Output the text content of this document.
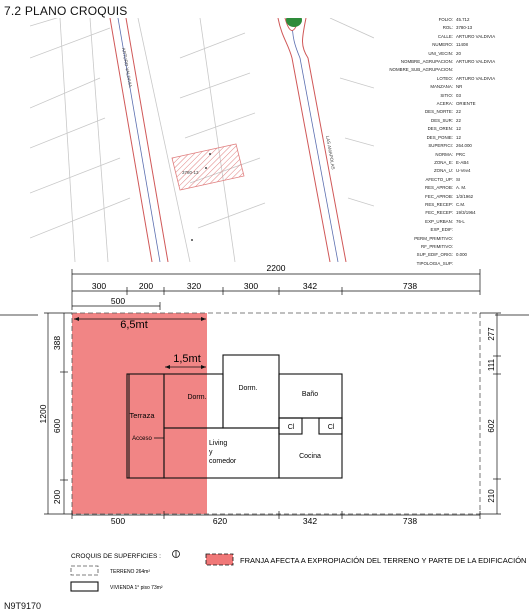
7.2 PLANO CROQUIS
ARTURO VALDIVIA
LAS AMAPOLAS
3780-13
FOLIO: 45.712
ROL: 3780-13
CALLE: ARTURO VALDIVIA
NUMERO: 11408
UNI_VECIN: 20
NOMBRE_AGRUPACION: ARTURO VALDIVIA
NOMBRE_SUB_AGRUPACION:
LOTEO: ARTURO VALDIVIA
MANZANA: NR
SITIO: 03
ACERA: ORIENTE
DES_NORTE: 22
DES_SUR: 22
DES_OREN: 12
DES_PONIE: 12
SUPERFICI: 264.000
NORMA: PRC
ZONA_E: E-AB4
ZONA_U: U-Vev4
AFECTO_UP: SI
RES_APROB: A. M.
FEC_APROB: 1/3/1962
RES_RECEP: C.M.
FEC_RECEP: 19/3/1964
EXP_URBAN: 76-L
EXP_EDIF:
PERM_PRIMITIVO:
RF_PRIMITIVO:
SUP_EDIF_ORIG: 0.000
TIPOLOGIA_SUP:
2200
300	200	320	300	342	738
500
6,5mt
1,5mt
1200
388
600
200
277
111
602
210
500	620	342	738
Terraza
Acceso
Dorm.
Dorm.
Baño
Cl	Cl
Living
y
comedor
Cocina
CROQUIS DE SUPERFICIES :
TERRENO 264m²
VIVIENDA 1° piso 73m²
FRANJA AFECTA A EXPROPIACIÓN DEL TERRENO Y PARTE DE LA EDIFICACIÓN
N9T9170
